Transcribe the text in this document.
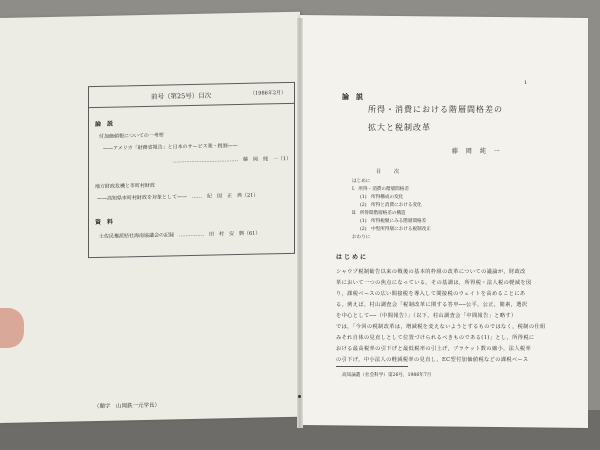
前号（第25号）目次	（1986年2月）
論　説
付加価値税についての一考察
——アメリカ「財務省報告」と日本のサービス業・税制——
…………………………………　藤　岡　純　一（1）
地方財政危機と市町村財政
——高知県市町村財政を対象として——　……　紀　国　正　典（21）
資　料
土佐民権派結社海南協議会の記録　……………　田　村　安　興（61）
（題字　山岡鉄一元学長）
1
論　説
所得・消費における階層間格差の
拡大と税制改革
藤 岡 純 一
目　次
はじめに
Ⅰ．所得・消費の階層間格差
(1)　所得構成の変化
(2)　所得と消費における変化
Ⅱ．所得間階層格差の構造
(1)　所得税額にみる階層間格差
(2)　中堅所得層における税制改正
おわりに
はじめに
シャウプ税制勧告以来の戦後の基本的枠組の改革についての議論が，財政改
革において一つの焦点になっている。その基調は，所得税・法人税の軽減を図
り，課税ベースの広い間接税を導入して間接税のウェイトを高めることにあ
る。例えば，村山調査会「税制改革に関する答申──公平，公正，簡素，選択
を中心として──（中間報告）」（以下，村山調査会「中間報告」と略す）
では，「今回の税制改革は，増減税を変えないようとするものではなく，税制の仕組
みそれ自体の見直しとして位置づけられるべきものである(1)」とし，所得税に
おける最高税率の引下げと最低税率の引上げ，ブラケット数の縮小，法人税率
の引下げ，中小法人の軽減税率の見直し，EC型付加価値税などの課税ベース
高知論叢（社会科学）第26号，1986年7月
